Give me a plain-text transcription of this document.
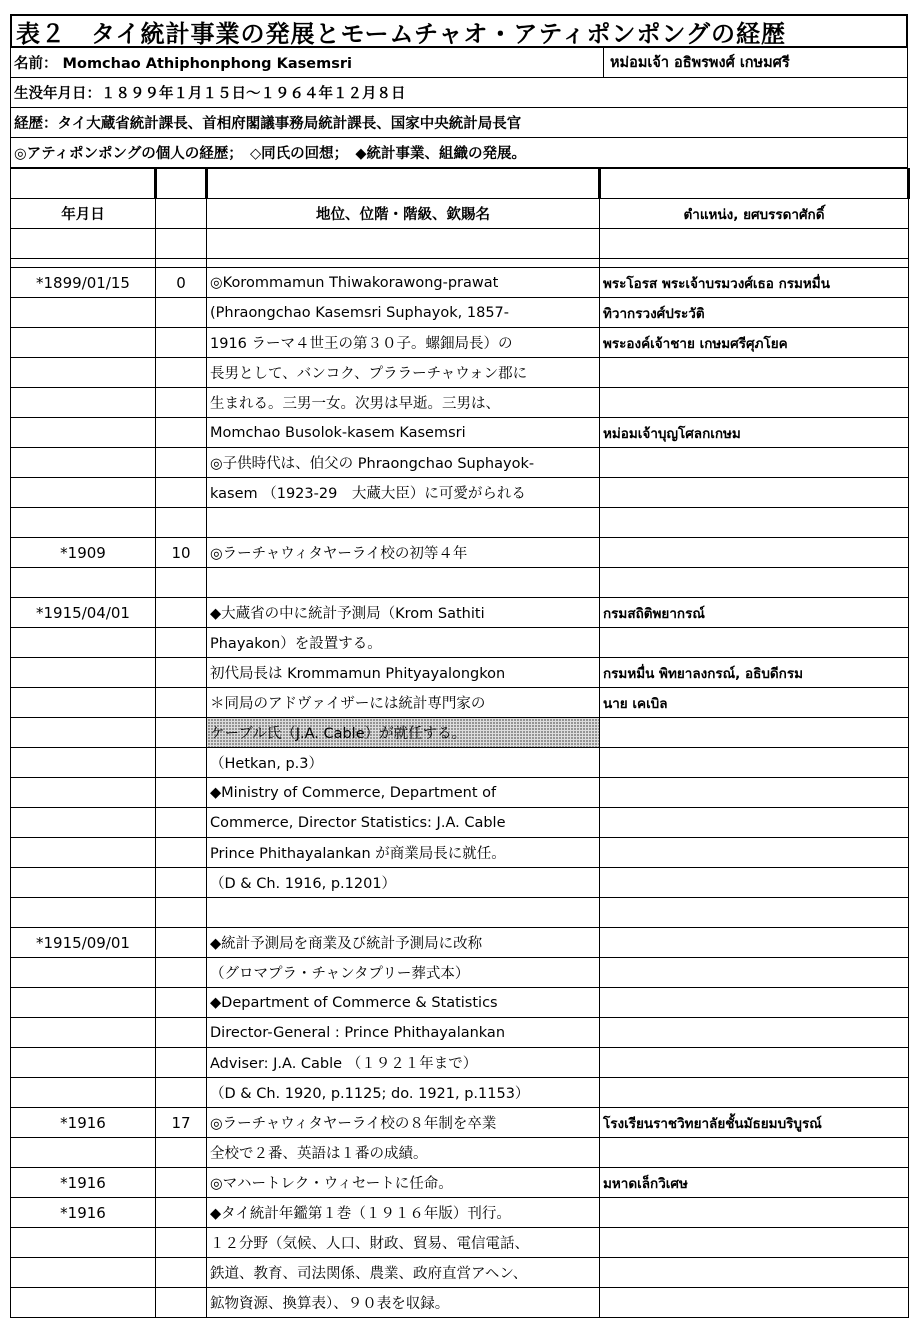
表２　タイ統計事業の発展とモームチャオ・アティポンポングの経歴
名前： Momchao Athiphonphong Kasemsri	หม่อมเจ้า อธิพรพงศ์ เกษมศรี
生没年月日：１８９９年１月１５日～１９６４年１２月８日
経歴：タイ大蔵省統計課長、首相府閣議事務局統計課長、国家中央統計局長官
◎アティポンポングの個人の経歴；　◇同氏の回想；　◆統計事業、組織の発展。

年月日		地位、位階・階級、欽賜名	ตำแหน่ง, ยศบรรดาศักดิ์

*1899/01/15	0	◎Korommamun Thiwakorawong-prawat	พระโอรส พระเจ้าบรมวงศ์เธอ กรมหมื่น
		(Phraongchao Kasemsri Suphayok, 1857-	ทิวากรวงศ์ประวัติ
		1916 ラーマ４世王の第３０子。螺鈿局長）の	พระองค์เจ้าชาย เกษมศรีศุภโยค
		長男として、バンコク、プララーチャウォン郡に	
		生まれる。三男一女。次男は早逝。三男は、	
		Momchao Busolok-kasem Kasemsri	หม่อมเจ้าบุญโศลกเกษม
		◎子供時代は、伯父の Phraongchao Suphayok-	
		kasem （1923-29　大蔵大臣）に可愛がられる	

*1909	10	◎ラーチャウィタヤーライ校の初等４年	

*1915/04/01		◆大蔵省の中に統計予測局（Krom Sathiti	กรมสถิติพยากรณ์
		Phayakon）を設置する。	
		初代局長は Krommamun Phityayalongkon	กรมหมื่น พิทยาลงกรณ์, อธิบดีกรม
		＊同局のアドヴァイザーには統計専門家の	นาย เคเบิล
		ケーブル氏（J.A. Cable）が就任する。	
		（Hetkan, p.3）	
		◆Ministry of Commerce, Department of	
		Commerce, Director Statistics: J.A. Cable	
		Prince Phithayalankan が商業局長に就任。	
		（D & Ch. 1916, p.1201）	

*1915/09/01		◆統計予測局を商業及び統計予測局に改称	
		（グロマプラ・チャンタプリー葬式本）	
		◆Department of Commerce & Statistics	
		Director-General : Prince Phithayalankan	
		Adviser: J.A. Cable （１９２１年まで）	
		（D & Ch. 1920, p.1125; do. 1921, p.1153）	
*1916	17	◎ラーチャウィタヤーライ校の８年制を卒業	โรงเรียนราชวิทยาลัยชั้นมัธยมบริบูรณ์
		全校で２番、英語は１番の成績。	
*1916		◎マハートレク・ウィセートに任命。	มหาดเล็กวิเศษ
*1916		◆タイ統計年鑑第１巻（１９１６年版）刊行。	
		１２分野（気候、人口、財政、貿易、電信電話、	
		鉄道、教育、司法関係、農業、政府直営アヘン、	
		鉱物資源、換算表）、９０表を収録。	
